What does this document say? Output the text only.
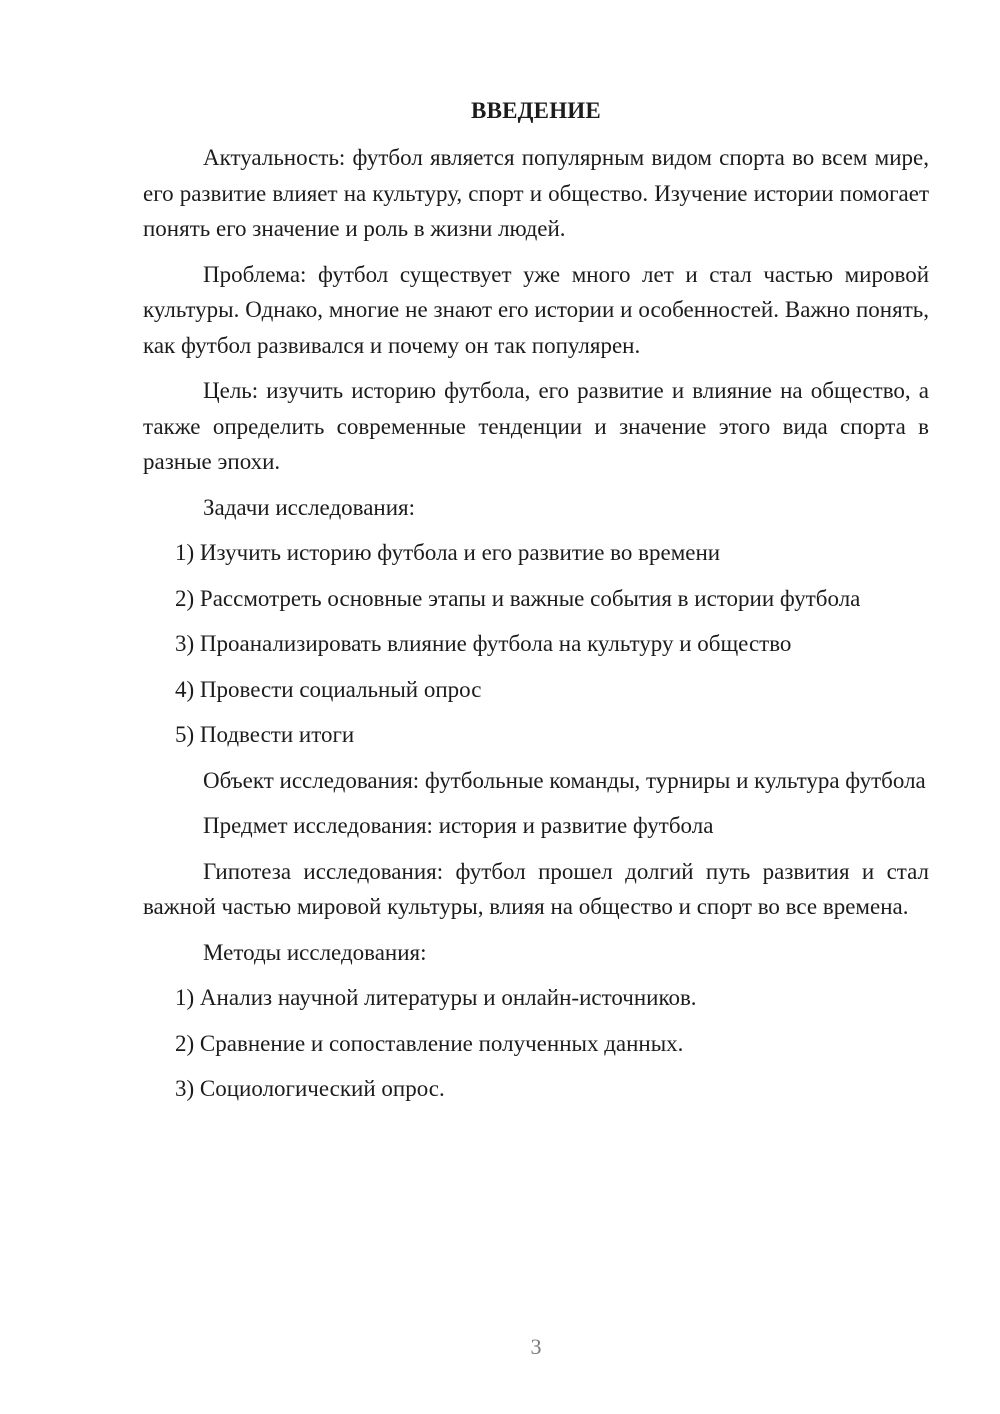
ВВЕДЕНИЕ

Актуальность: футбол является популярным видом спорта во всем мире, его развитие влияет на культуру, спорт и общество. Изучение истории помогает понять его значение и роль в жизни людей.

Проблема: футбол существует уже много лет и стал частью мировой культуры. Однако, многие не знают его истории и особенностей. Важно понять, как футбол развивался и почему он так популярен.

Цель: изучить историю футбола, его развитие и влияние на общество, а также определить современные тенденции и значение этого вида спорта в разные эпохи.

Задачи исследования:

1) Изучить историю футбола и его развитие во времени

2) Рассмотреть основные этапы и важные события в истории футбола

3) Проанализировать влияние футбола на культуру и общество

4) Провести социальный опрос

5) Подвести итоги

Объект исследования: футбольные команды, турниры и культура футбола

Предмет исследования: история и развитие футбола

Гипотеза исследования: футбол прошел долгий путь развития и стал важной частью мировой культуры, влияя на общество и спорт во все времена.

Методы исследования:

1) Анализ научной литературы и онлайн-источников.

2) Сравнение и сопоставление полученных данных.

3) Социологический опрос.

3
